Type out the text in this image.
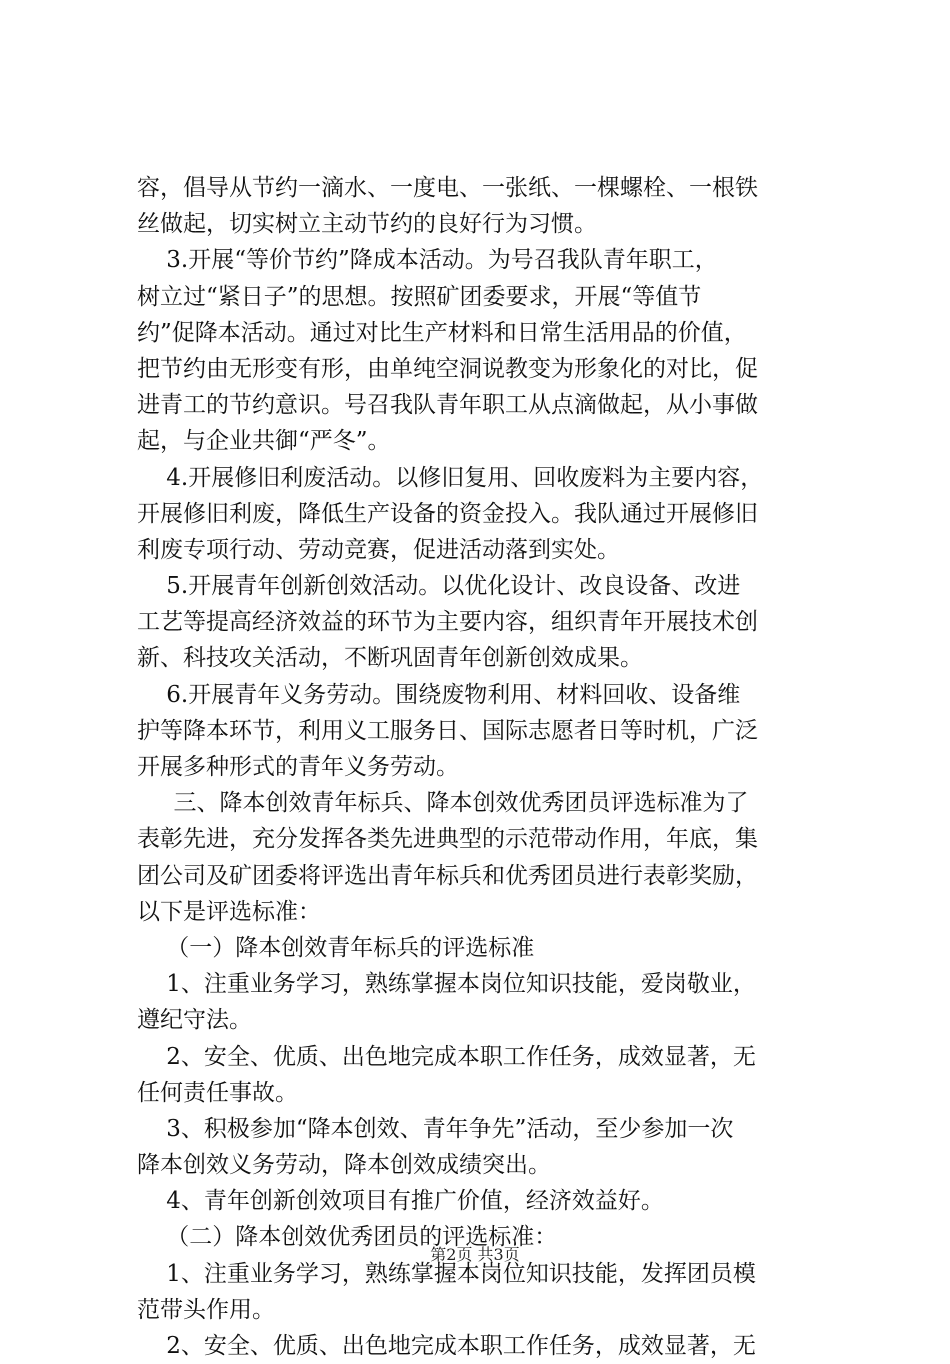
容，倡导从节约一滴水、一度电、一张纸、一棵螺栓、一根铁
丝做起，切实树立主动节约的良好行为习惯。
3.开展“等价节约”降成本活动。为号召我队青年职工，
树立过“紧日子”的思想。按照矿团委要求，开展“等值节
约”促降本活动。通过对比生产材料和日常生活用品的价值，
把节约由无形变有形，由单纯空洞说教变为形象化的对比，促
进青工的节约意识。号召我队青年职工从点滴做起，从小事做
起，与企业共御“严冬”。
4.开展修旧利废活动。以修旧复用、回收废料为主要内容，
开展修旧利废，降低生产设备的资金投入。我队通过开展修旧
利废专项行动、劳动竞赛，促进活动落到实处。
5.开展青年创新创效活动。以优化设计、改良设备、改进
工艺等提高经济效益的环节为主要内容，组织青年开展技术创
新、科技攻关活动，不断巩固青年创新创效成果。
6.开展青年义务劳动。围绕废物利用、材料回收、设备维
护等降本环节，利用义工服务日、国际志愿者日等时机，广泛
开展多种形式的青年义务劳动。
三、降本创效青年标兵、降本创效优秀团员评选标准为了
表彰先进，充分发挥各类先进典型的示范带动作用，年底，集
团公司及矿团委将评选出青年标兵和优秀团员进行表彰奖励，
以下是评选标准：
（一）降本创效青年标兵的评选标准
1、注重业务学习，熟练掌握本岗位知识技能，爱岗敬业，
遵纪守法。
2、安全、优质、出色地完成本职工作任务，成效显著，无
任何责任事故。
3、积极参加“降本创效、青年争先”活动，至少参加一次
降本创效义务劳动，降本创效成绩突出。
4、青年创新创效项目有推广价值，经济效益好。
（二）降本创效优秀团员的评选标准：
1、注重业务学习，熟练掌握本岗位知识技能，发挥团员模
范带头作用。
2、安全、优质、出色地完成本职工作任务，成效显著，无
第2页 共3页
